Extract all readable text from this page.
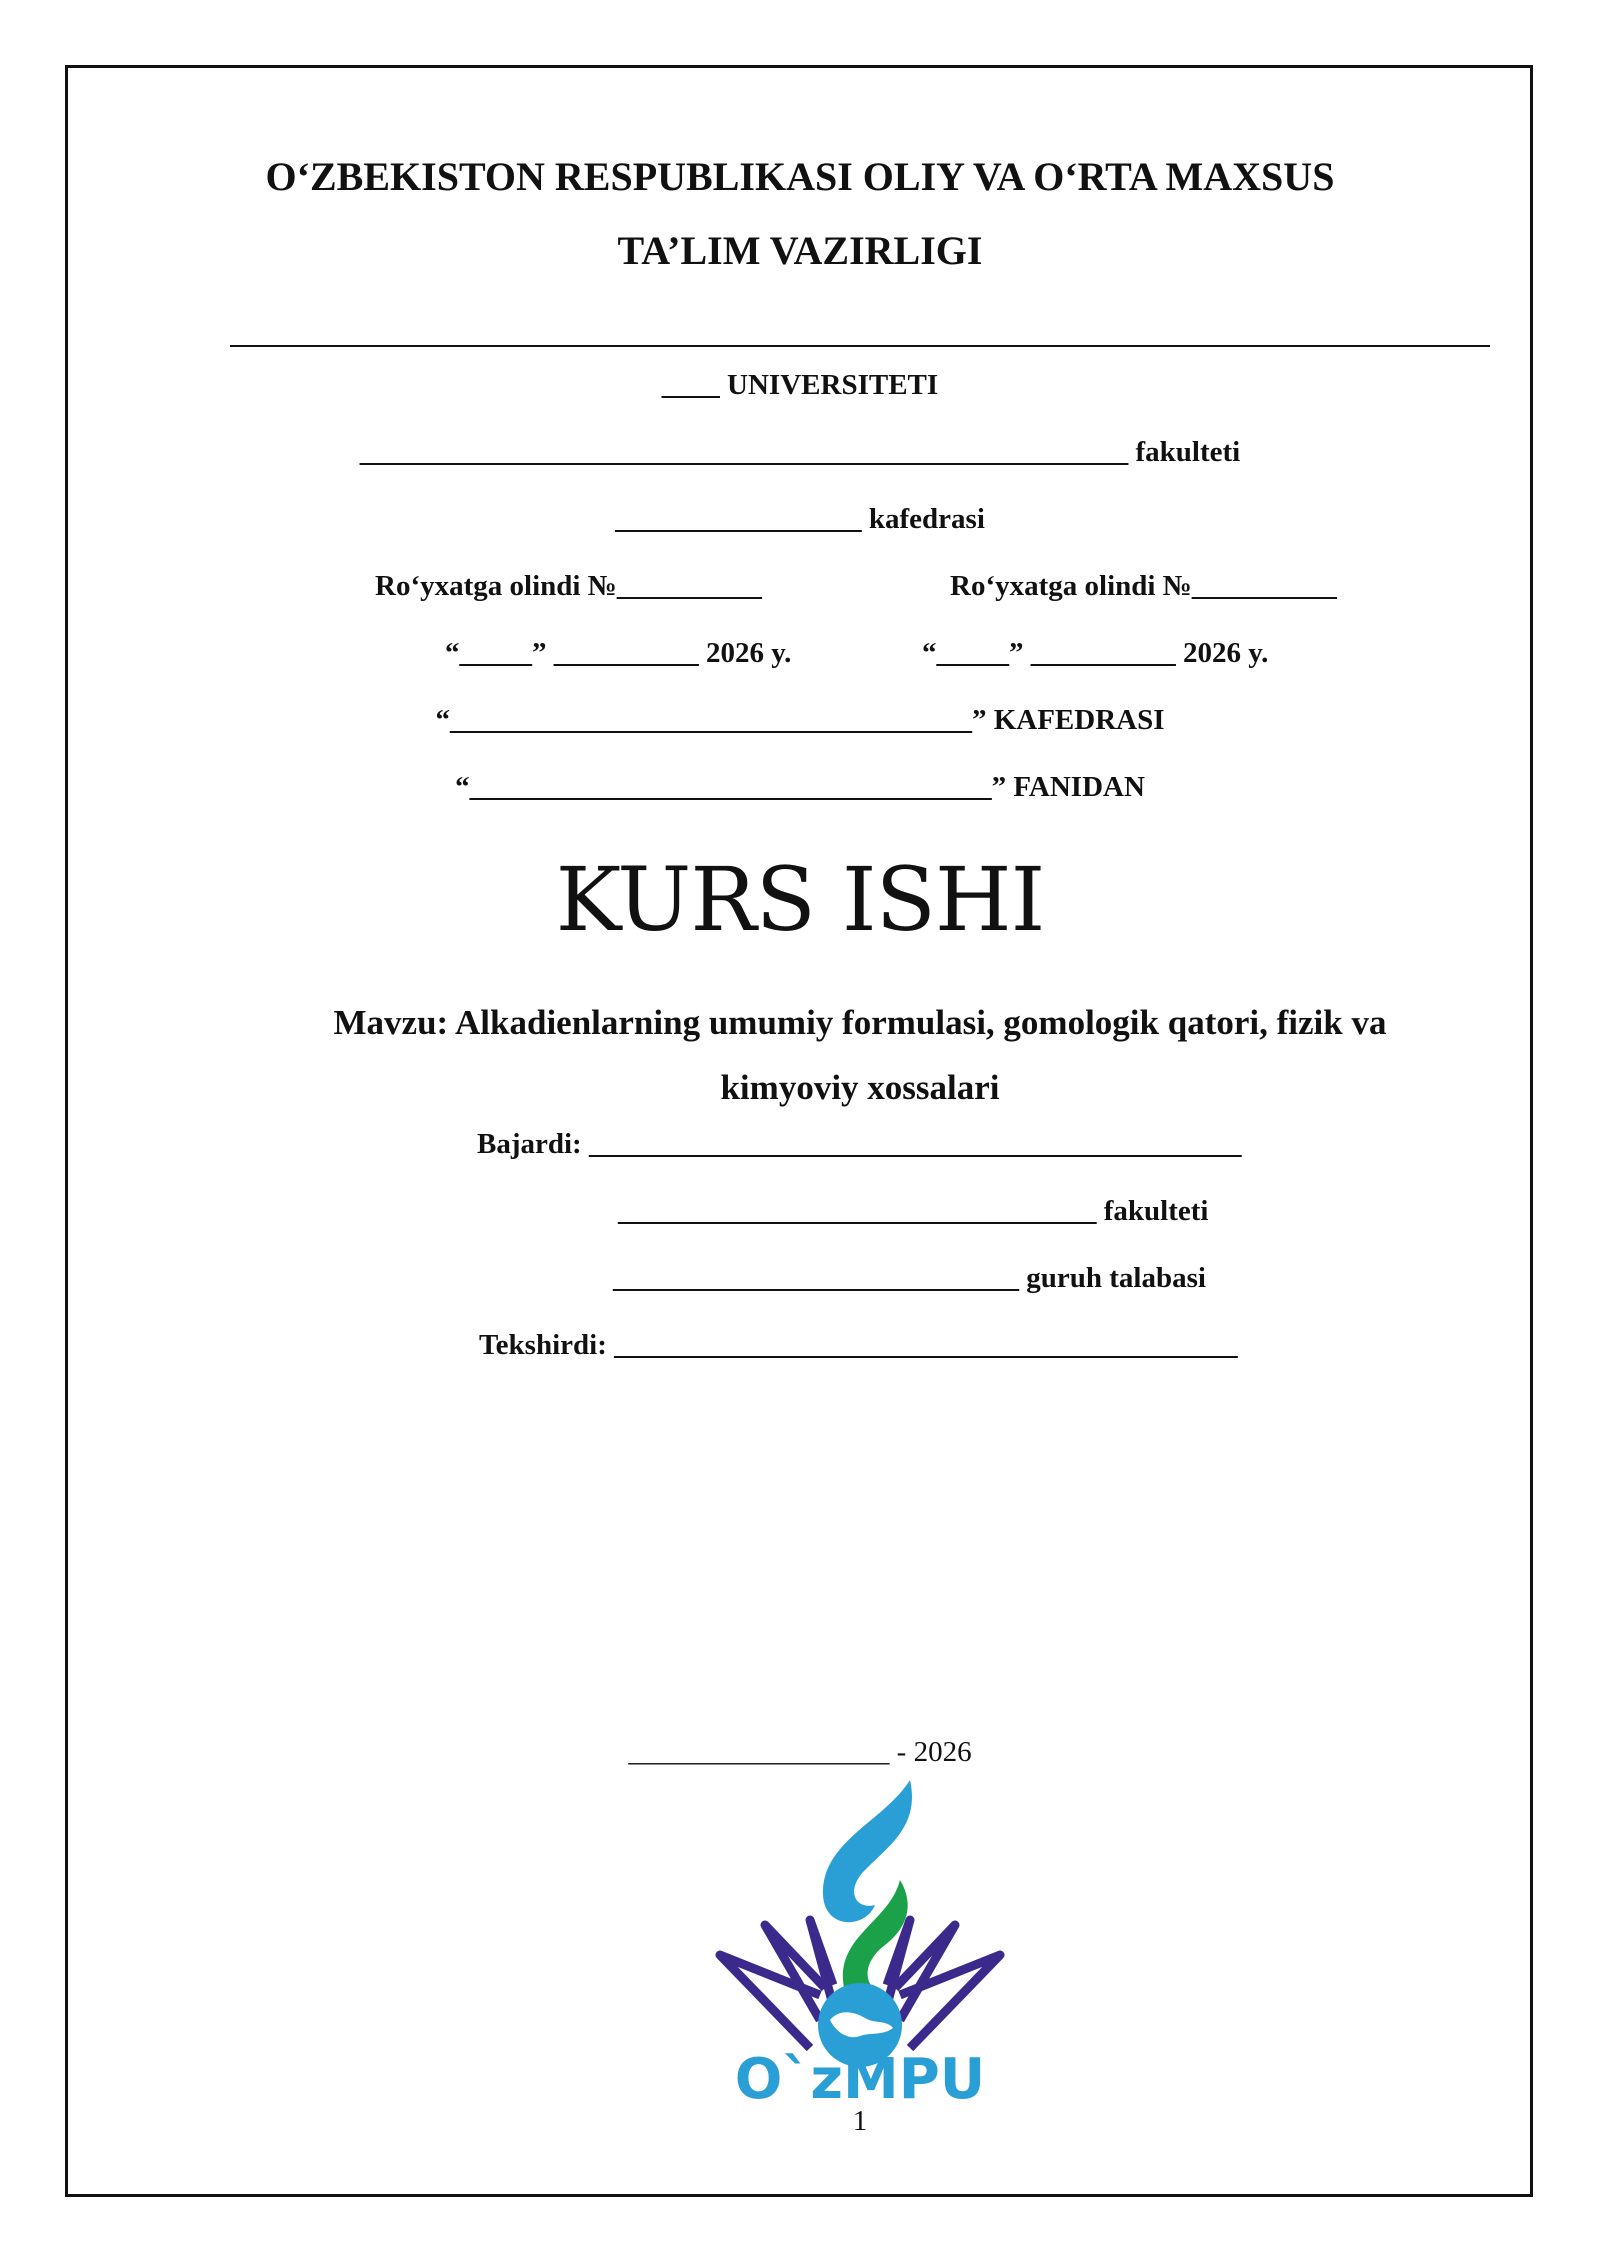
O‘ZBEKISTON RESPUBLIKASI OLIY VA O‘RTA MAXSUS
TA’LIM VAZIRLIGI
____ UNIVERSITETI
_____________________________________________________ fakulteti
_________________ kafedrasi
Ro‘yxatga olindi №__________	Ro‘yxatga olindi №__________
“_____” __________ 2026 y.	“_____” __________ 2026 y.
“____________________________________” KAFEDRASI
“____________________________________” FANIDAN
KURS ISHI
Mavzu: Alkadienlarning umumiy formulasi, gomologik qatori, fizik va
kimyoviy xossalari
Bajardi: _____________________________________________
_________________________________ fakulteti
____________________________ guruh talabasi
Tekshirdi: ___________________________________________
__________________ - 2026
O`zMPU
1
